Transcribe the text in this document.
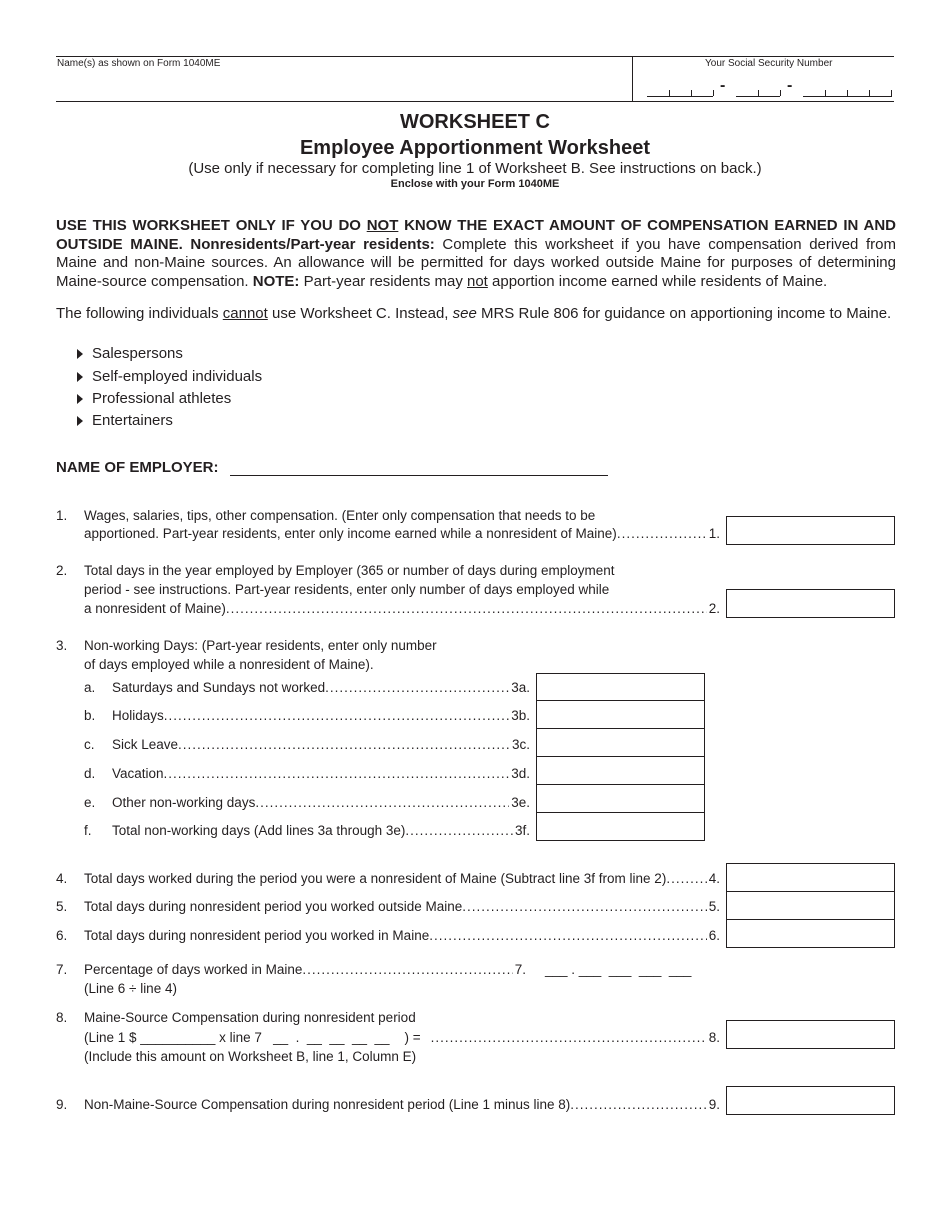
Name(s) as shown on Form 1040ME	Your Social Security Number
-	-
WORKSHEET C
Employee Apportionment Worksheet
(Use only if necessary for completing line 1 of Worksheet B. See instructions on back.)
Enclose with your Form 1040ME
USE THIS WORKSHEET ONLY IF YOU DO NOT KNOW THE EXACT AMOUNT OF COMPENSATION EARNED IN AND OUTSIDE MAINE. Nonresidents/Part-year residents: Complete this worksheet if you have compensation derived from Maine and non-Maine sources. An allowance will be permitted for days worked outside Maine for purposes of determining Maine-source compensation. NOTE: Part-year residents may not apportion income earned while residents of Maine.
The following individuals cannot use Worksheet C. Instead, see MRS Rule 806 for guidance on apportioning income to Maine.
Salespersons
Self-employed individuals
Professional athletes
Entertainers
NAME OF EMPLOYER:
1. Wages, salaries, tips, other compensation. (Enter only compensation that needs to be
apportioned. Part-year residents, enter only income earned while a nonresident of Maine) .....	1.
2. Total days in the year employed by Employer (365 or number of days during employment
period - see instructions. Part-year residents, enter only number of days employed while
a nonresident of Maine) .....	2.
3. Non-working Days: (Part-year residents, enter only number
of days employed while a nonresident of Maine).
a. Saturdays and Sundays not worked .....	3a.
b. Holidays .....	3b.
c. Sick Leave .....	3c.
d. Vacation .....	3d.
e. Other non-working days .....	3e.
f. Total non-working days (Add lines 3a through 3e) .....	3f.
4. Total days worked during the period you were a nonresident of Maine (Subtract line 3f from line 2) .....	4.
5. Total days during nonresident period you worked outside Maine .....	5.
6. Total days during nonresident period you worked in Maine .....	6.
7. Percentage of days worked in Maine .....	7. ___ . ___  ___  ___  ___
(Line 6 ÷ line 4)
8. Maine-Source Compensation during nonresident period
(Line 1 $ __________ x line 7   __  .  __  __  __  __    ) = .....	8.
(Include this amount on Worksheet B, line 1, Column E)
9. Non-Maine-Source Compensation during nonresident period (Line 1 minus line 8) .....	9.
